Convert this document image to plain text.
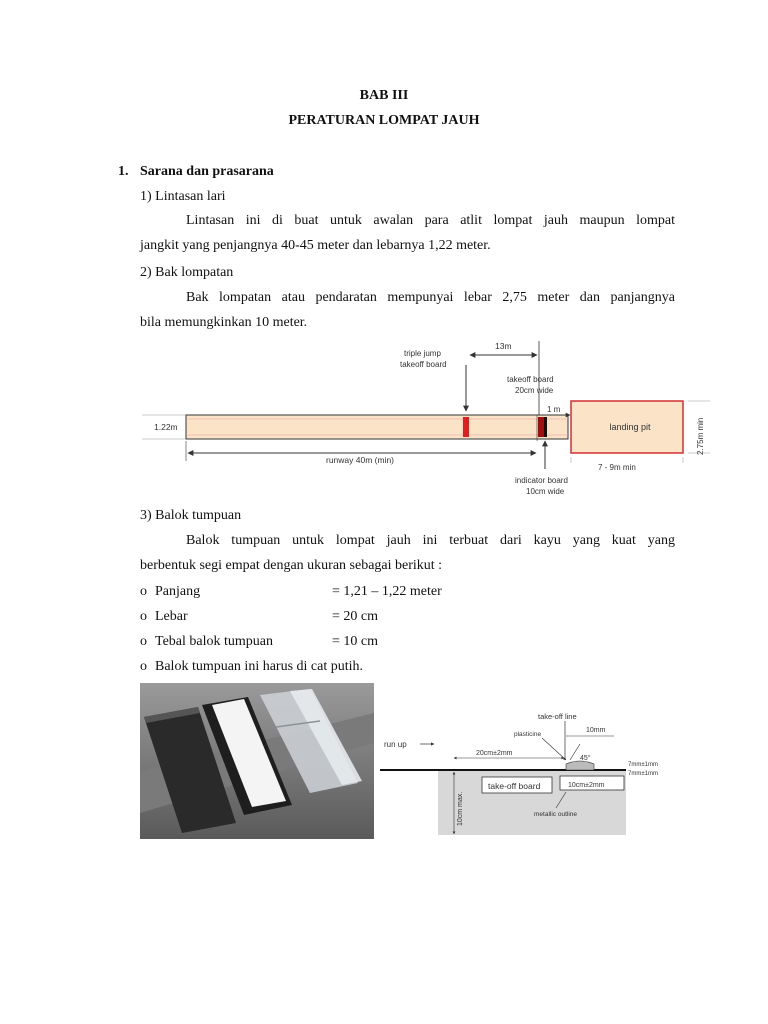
BAB III
PERATURAN LOMPAT JAUH
1. Sarana dan prasarana
1) Lintasan lari
Lintasan ini di buat untuk awalan para atlit lompat jauh maupun lompat
jangkit yang penjangnya 40-45 meter dan lebarnya 1,22 meter.
2) Bak lompatan
Bak lompatan atau pendaratan mempunyai lebar 2,75 meter dan panjangnya
bila memungkinkan 10 meter.
landing pit
1.22m
triple jump
takeoff board
13m
takeoff board
20cm wide
1 m
2.75m min
7 - 9m min
runway 40m (min)
indicator board
10cm wide
3) Balok tumpuan
Balok tumpuan untuk lompat jauh ini terbuat dari kayu yang kuat yang
berbentuk segi empat dengan ukuran sebagai berikut :
o Panjang	= 1,21 – 1,22 meter
o Lebar	= 20 cm
o Tebal balok tumpuan	= 10 cm
o Balok tumpuan ini harus di cat putih.
take-off board	10cm±2mm
take-off line
plasticine
10mm
run up
20cm±2mm
45°
7mm±1mm
7mm±1mm
10cm max.	metallic outline
